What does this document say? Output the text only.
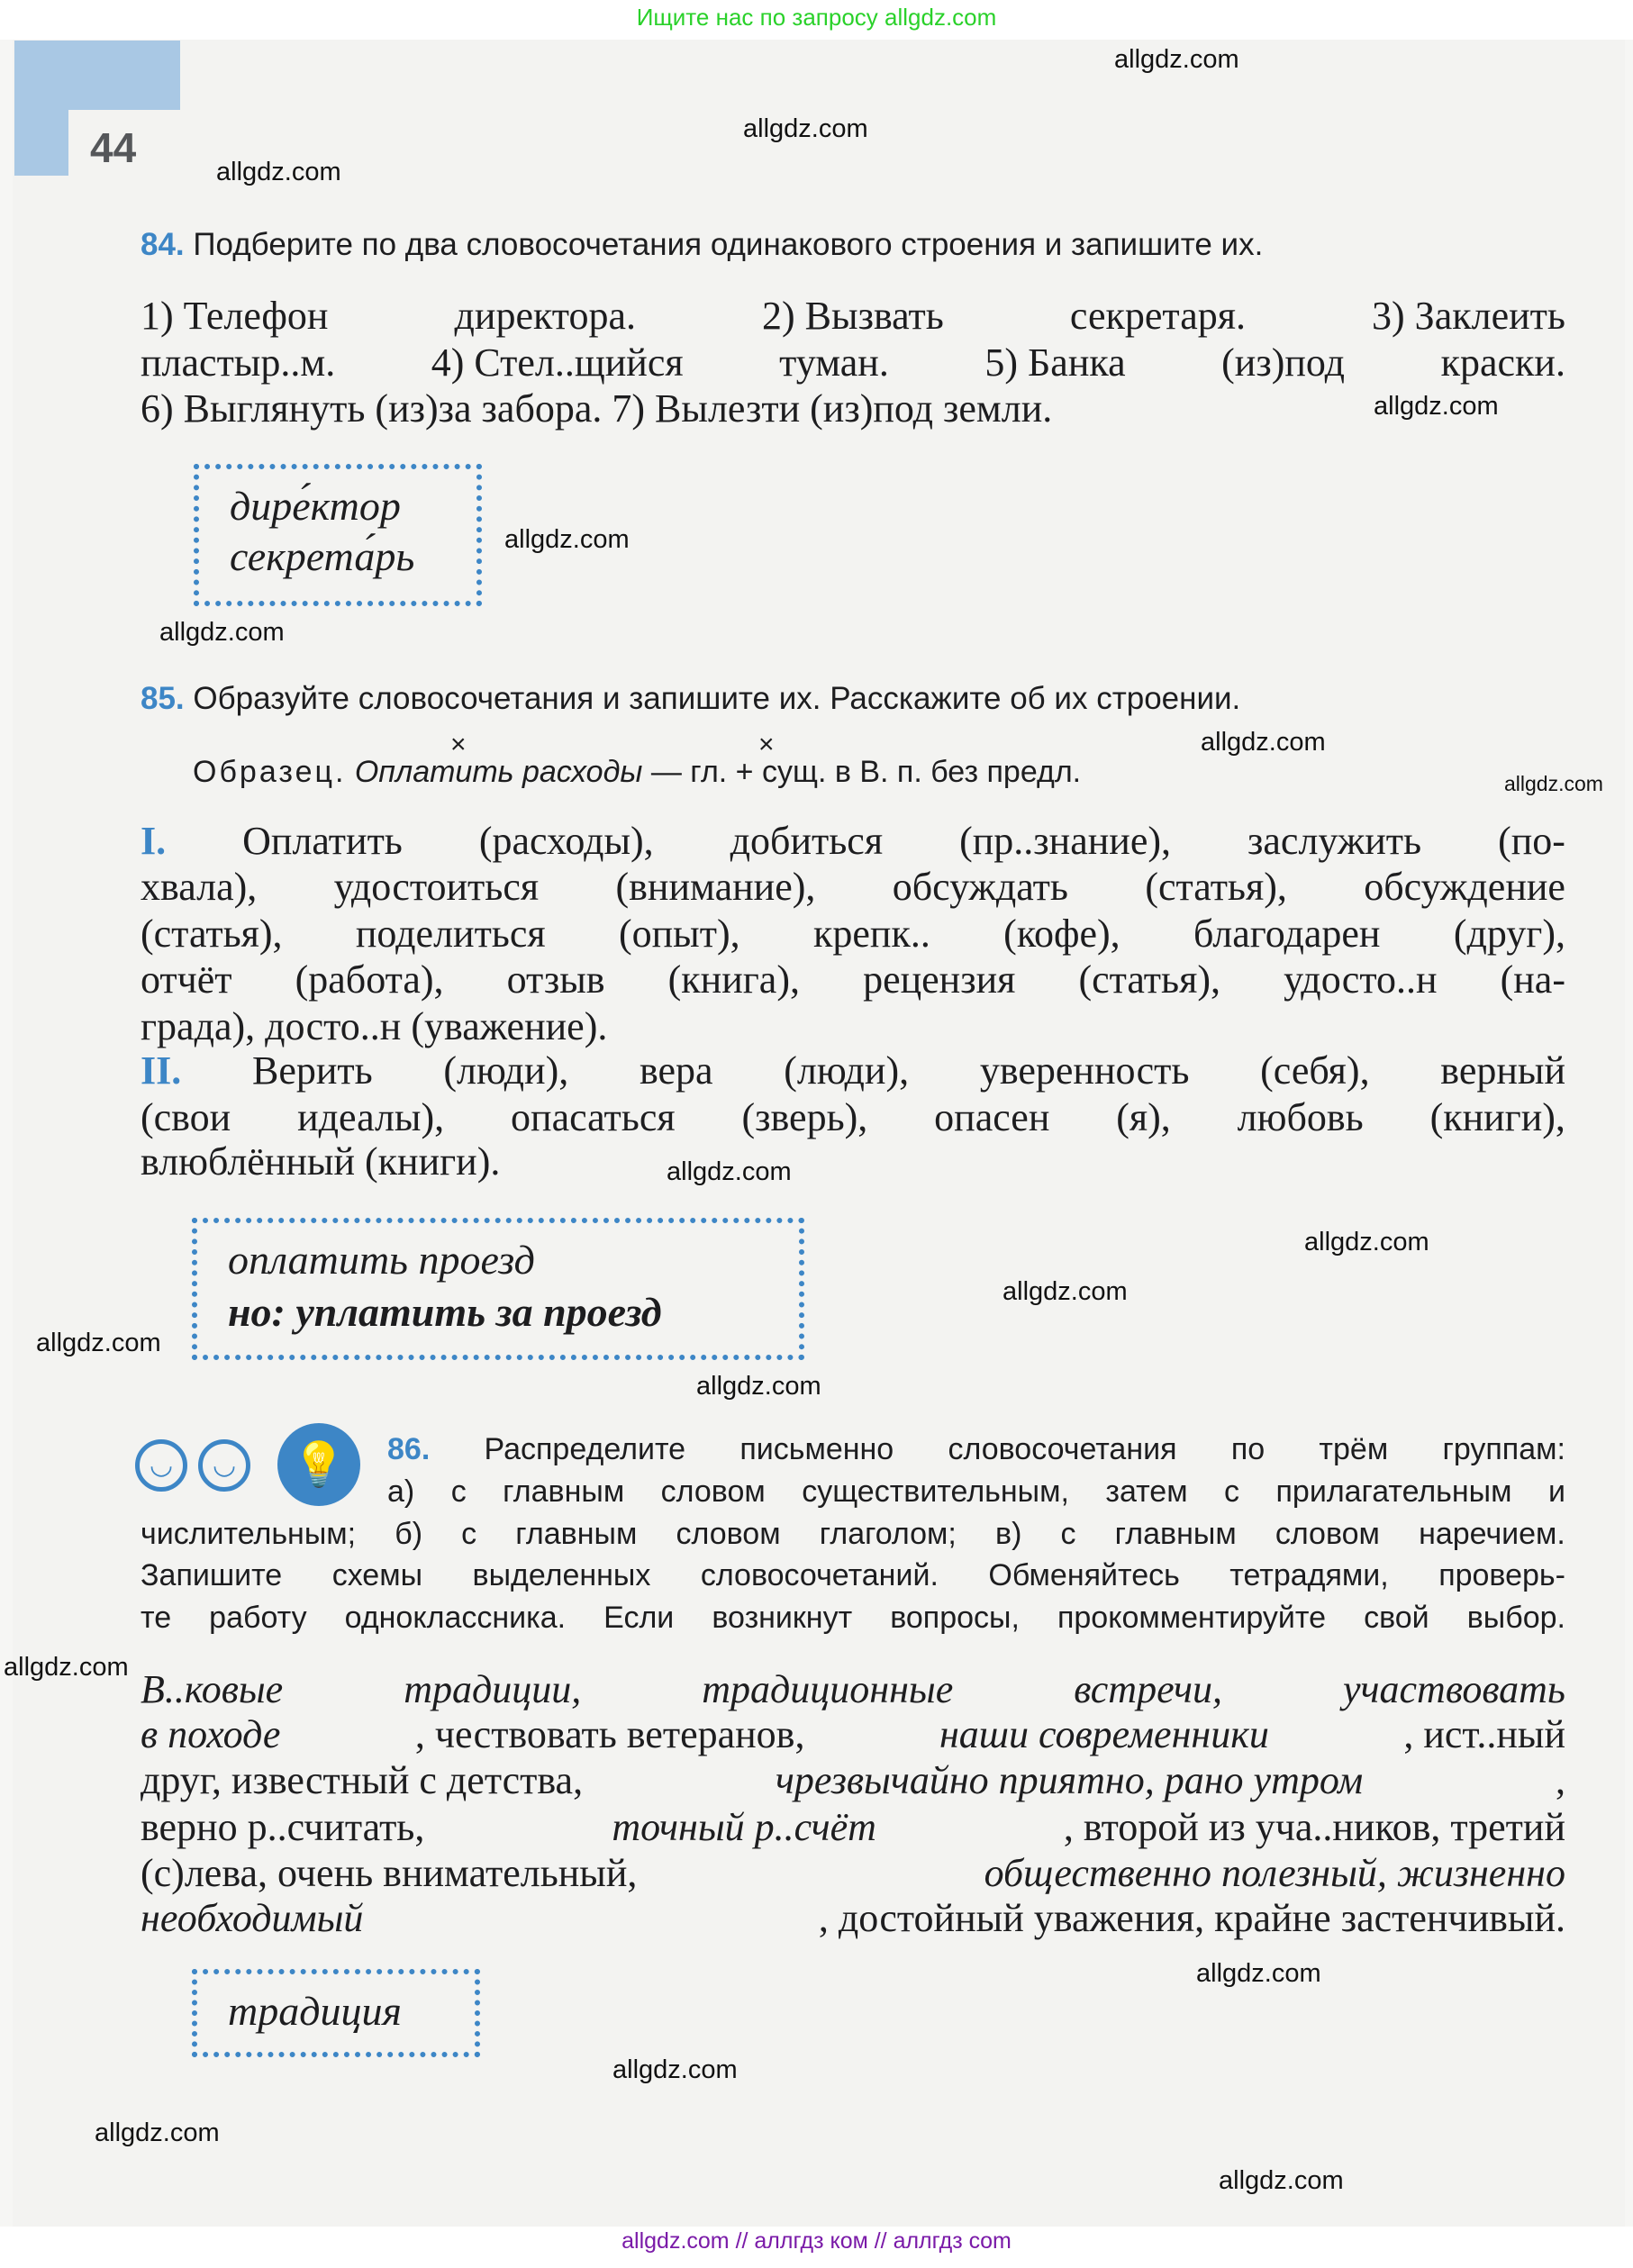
Ищите нас по запросу allgdz.com
44
84. Подберите по два словосочетания одинакового строения и запишите их.
1) Телефон	директора.	2) Вызвать	секретаря.	3) Заклеить
пластыр..м. 4) Стел..щийся туман. 5) Банка (из)под краски.
6) Выглянуть (из)за забора. 7) Вылезти (из)под земли.
дире́ктор
секрета́рь
85. Образуйте словосочетания и запишите их. Расскажите об их строении.
×	×
Образец. Оплатить расходы — гл. + сущ. в В. п. без предл.
I. Оплатить (расходы), добиться (пр..знание), заслужить (по-
хвала), удостоиться (внимание), обсуждать (статья), обсуждение
(статья), поделиться (опыт), крепк.. (кофе), благодарен (друг),
отчёт (работа), отзыв (книга), рецензия (статья), удосто..н (на-
града), досто..н (уважение).
II. Верить (люди), вера (люди), уверенность (себя), верный
(свои идеалы), опасаться (зверь), опасен (я), любовь (книги),
влюблённый (книги).
оплатить проезд
но: уплатить за проезд
◡	◡	💡	86. Распределите письменно словосочетания по трём группам:
а) с главным словом существительным, затем с прилагательным и
числительным; б) с главным словом глаголом; в) с главным словом наречием.
Запишите схемы выделенных словосочетаний. Обменяйтесь тетрадями, проверь-
те работу одноклассника. Если возникнут вопросы, прокомментируйте свой выбор.
В..ковые	традиции,	традиционные	встречи,	участвовать
в походе	, чествовать ветеранов,	наши современники	, ист..ный
друг, известный с детства,	чрезвычайно приятно, рано утром	,
верно р..считать,	точный р..счёт	, второй из уча..ников, третий
(с)лева, очень внимательный,	общественно полезный, жизненно
необходимый	, достойный уважения, крайне застенчивый.
традиция
allgdz.com
allgdz.com
allgdz.com
allgdz.com
allgdz.com
allgdz.com
allgdz.com
allgdz.com
allgdz.com
allgdz.com
allgdz.com
allgdz.com
allgdz.com
allgdz.com
allgdz.com
allgdz.com
allgdz.com
allgdz.com
allgdz.com // аллгдз ком // аллгдз com
